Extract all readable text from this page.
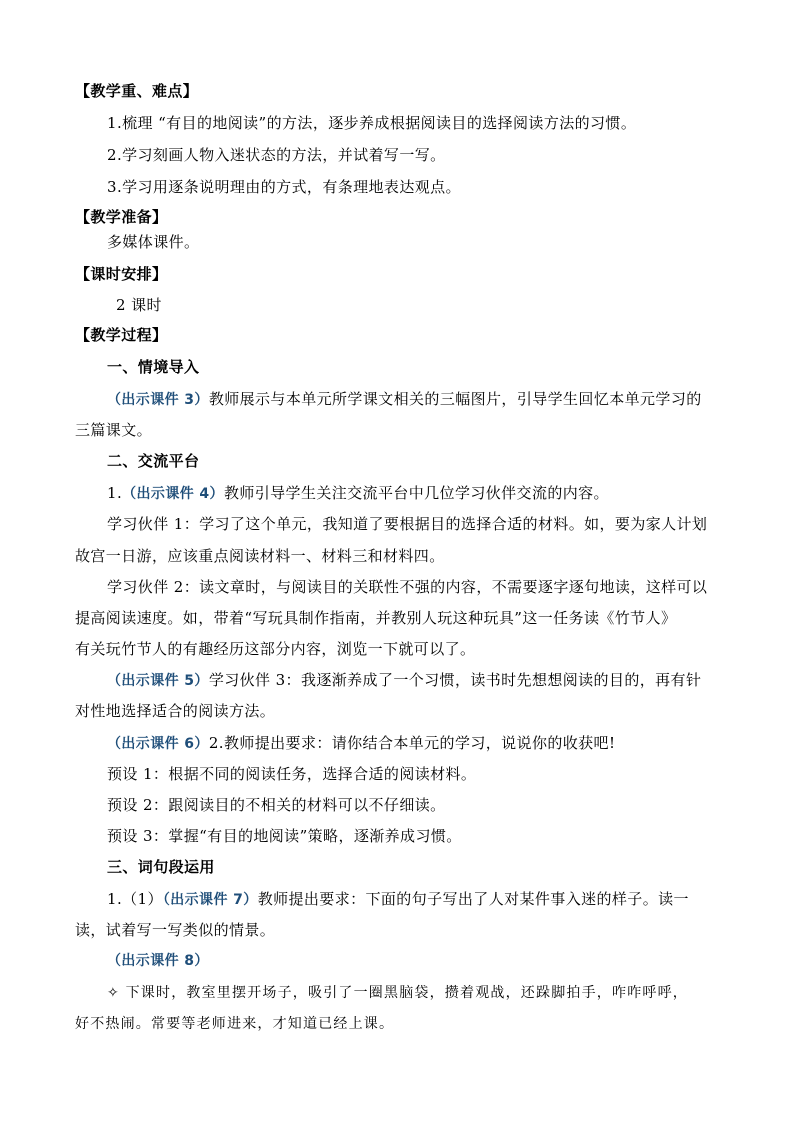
【教学重、难点】
1.梳理 “有目的地阅读”的方法，逐步养成根据阅读目的选择阅读方法的习惯。
2.学习刻画人物入迷状态的方法，并试着写一写。
3.学习用逐条说明理由的方式，有条理地表达观点。
【教学准备】
多媒体课件。
【课时安排】
2 课时
【教学过程】
一、情境导入
（出示课件 3）教师展示与本单元所学课文相关的三幅图片，引导学生回忆本单元学习的
三篇课文。
二、交流平台
1.（出示课件 4）教师引导学生关注交流平台中几位学习伙伴交流的内容。
学习伙伴 1：学习了这个单元，我知道了要根据目的选择合适的材料。如，要为家人计划
故宫一日游，应该重点阅读材料一、材料三和材料四。
学习伙伴 2：读文章时，与阅读目的关联性不强的内容，不需要逐字逐句地读，这样可以
提高阅读速度。如，带着“写玩具制作指南，并教别人玩这种玩具”这一任务读《竹节人》
有关玩竹节人的有趣经历这部分内容，浏览一下就可以了。
（出示课件 5）学习伙伴 3：我逐渐养成了一个习惯，读书时先想想阅读的目的，再有针
对性地选择适合的阅读方法。
（出示课件 6）2.教师提出要求：请你结合本单元的学习，说说你的收获吧!
预设 1：根据不同的阅读任务，选择合适的阅读材料。
预设 2：跟阅读目的不相关的材料可以不仔细读。
预设 3：掌握“有目的地阅读”策略，逐渐养成习惯。
三、词句段运用
1.（1）（出示课件 7）教师提出要求：下面的句子写出了人对某件事入迷的样子。读一
读，试着写一写类似的情景。
（出示课件 8）
✧ 下课时，教室里摆开场子，吸引了一圈黑脑袋，攒着观战，还跺脚拍手，咋咋呼呼，
好不热闹。常要等老师进来，才知道已经上课。
